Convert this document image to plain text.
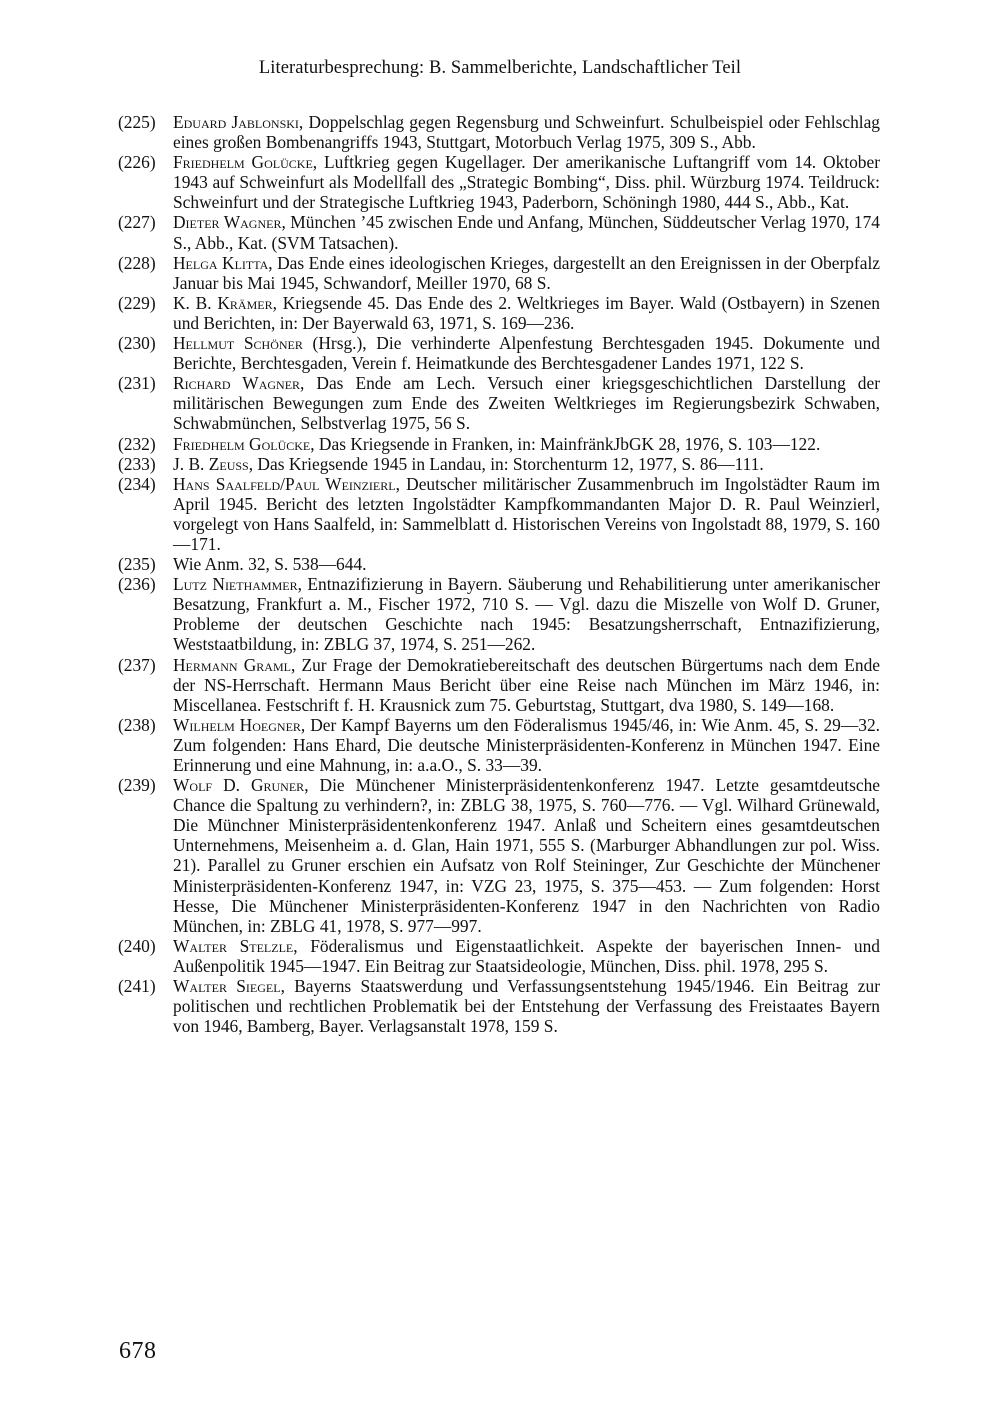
Literaturbesprechung: B. Sammelberichte, Landschaftlicher Teil
(225) Eduard Jablonski, Doppelschlag gegen Regensburg und Schweinfurt. Schulbeispiel oder Fehlschlag eines großen Bombenangriffs 1943, Stuttgart, Motorbuch Verlag 1975, 309 S., Abb.
(226) Friedhelm Golücke, Luftkrieg gegen Kugellager. Der amerikanische Luftangriff vom 14. Oktober 1943 auf Schweinfurt als Modellfall des „Strategic Bombing“, Diss. phil. Würzburg 1974. Teildruck: Schweinfurt und der Strategische Luftkrieg 1943, Paderborn, Schöningh 1980, 444 S., Abb., Kat.
(227) Dieter Wagner, München ’45 zwischen Ende und Anfang, München, Süddeutscher Verlag 1970, 174 S., Abb., Kat. (SVM Tatsachen).
(228) Helga Klitta, Das Ende eines ideologischen Krieges, dargestellt an den Ereignissen in der Oberpfalz Januar bis Mai 1945, Schwandorf, Meiller 1970, 68 S.
(229) K. B. Krämer, Kriegsende 45. Das Ende des 2. Weltkrieges im Bayer. Wald (Ostbayern) in Szenen und Berichten, in: Der Bayerwald 63, 1971, S. 169—236.
(230) Hellmut Schöner (Hrsg.), Die verhinderte Alpenfestung Berchtesgaden 1945. Dokumente und Berichte, Berchtesgaden, Verein f. Heimatkunde des Berchtesgadener Landes 1971, 122 S.
(231) Richard Wagner, Das Ende am Lech. Versuch einer kriegsgeschichtlichen Darstellung der militärischen Bewegungen zum Ende des Zweiten Weltkrieges im Regierungsbezirk Schwaben, Schwabmünchen, Selbstverlag 1975, 56 S.
(232) Friedhelm Golücke, Das Kriegsende in Franken, in: MainfränkJbGK 28, 1976, S. 103—122.
(233) J. B. Zeuss, Das Kriegsende 1945 in Landau, in: Storchenturm 12, 1977, S. 86—111.
(234) Hans Saalfeld/Paul Weinzierl, Deutscher militärischer Zusammenbruch im Ingolstädter Raum im April 1945. Bericht des letzten Ingolstädter Kampfkommandanten Major D. R. Paul Weinzierl, vorgelegt von Hans Saalfeld, in: Sammelblatt d. Historischen Vereins von Ingolstadt 88, 1979, S. 160—171.
(235) Wie Anm. 32, S. 538—644.
(236) Lutz Niethammer, Entnazifizierung in Bayern. Säuberung und Rehabilitierung unter amerikanischer Besatzung, Frankfurt a. M., Fischer 1972, 710 S. — Vgl. dazu die Miszelle von Wolf D. Gruner, Probleme der deutschen Geschichte nach 1945: Besatzungsherrschaft, Entnazifizierung, Weststaatbildung, in: ZBLG 37, 1974, S. 251—262.
(237) Hermann Graml, Zur Frage der Demokratiebereitschaft des deutschen Bürgertums nach dem Ende der NS-Herrschaft. Hermann Maus Bericht über eine Reise nach München im März 1946, in: Miscellanea. Festschrift f. H. Krausnick zum 75. Geburtstag, Stuttgart, dva 1980, S. 149—168.
(238) Wilhelm Hoegner, Der Kampf Bayerns um den Föderalismus 1945/46, in: Wie Anm. 45, S. 29—32. Zum folgenden: Hans Ehard, Die deutsche Ministerpräsidenten-Konferenz in München 1947. Eine Erinnerung und eine Mahnung, in: a.a.O., S. 33—39.
(239) Wolf D. Gruner, Die Münchener Ministerpräsidentenkonferenz 1947. Letzte gesamtdeutsche Chance die Spaltung zu verhindern?, in: ZBLG 38, 1975, S. 760—776. — Vgl. Wilhard Grünewald, Die Münchner Ministerpräsidentenkonferenz 1947. Anlaß und Scheitern eines gesamtdeutschen Unternehmens, Meisenheim a. d. Glan, Hain 1971, 555 S. (Marburger Abhandlungen zur pol. Wiss. 21). Parallel zu Gruner erschien ein Aufsatz von Rolf Steininger, Zur Geschichte der Münchener Ministerpräsidenten-Konferenz 1947, in: VZG 23, 1975, S. 375—453. — Zum folgenden: Horst Hesse, Die Münchener Ministerpräsidenten-Konferenz 1947 in den Nachrichten von Radio München, in: ZBLG 41, 1978, S. 977—997.
(240) Walter Stelzle, Föderalismus und Eigenstaatlichkeit. Aspekte der bayerischen Innen- und Außenpolitik 1945—1947. Ein Beitrag zur Staatsideologie, München, Diss. phil. 1978, 295 S.
(241) Walter Siegel, Bayerns Staatswerdung und Verfassungsentstehung 1945/1946. Ein Beitrag zur politischen und rechtlichen Problematik bei der Entstehung der Verfassung des Freistaates Bayern von 1946, Bamberg, Bayer. Verlagsanstalt 1978, 159 S.
678
